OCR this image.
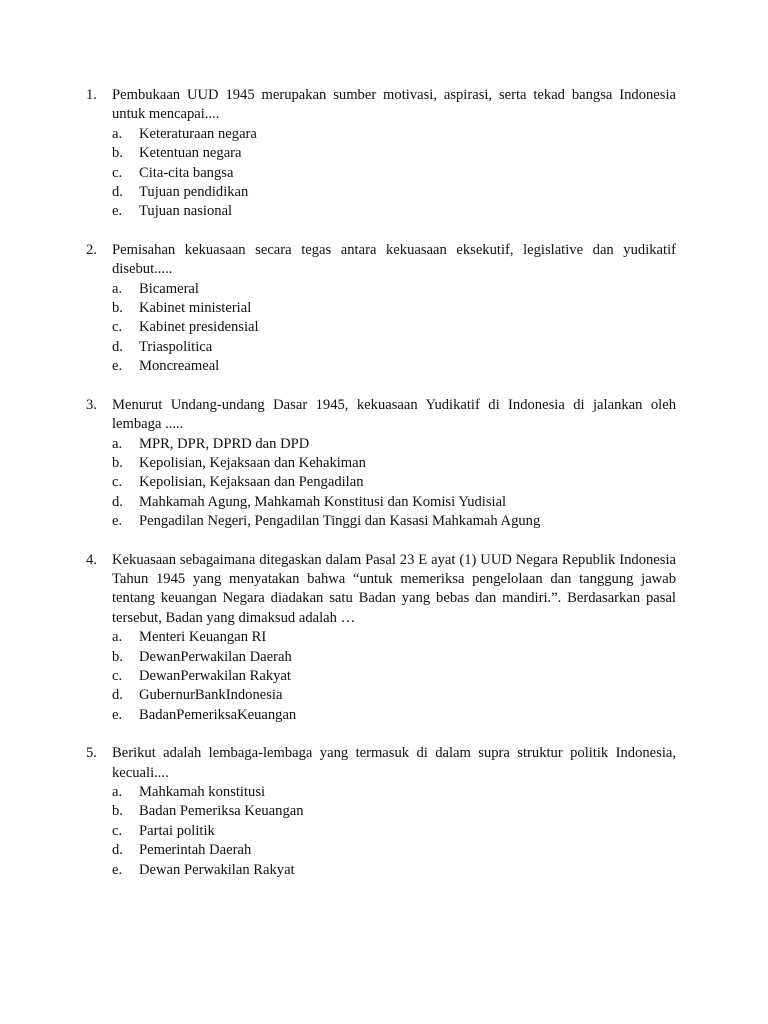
1. Pembukaan UUD 1945 merupakan sumber motivasi, aspirasi, serta tekad bangsa Indonesia untuk mencapai....
a. Keteraturaan negara
b. Ketentuan negara
c. Cita-cita bangsa
d. Tujuan pendidikan
e. Tujuan nasional
2. Pemisahan kekuasaan secara tegas antara kekuasaan eksekutif, legislative dan yudikatif disebut.....
a. Bicameral
b. Kabinet ministerial
c. Kabinet presidensial
d. Triaspolitica
e. Moncreameal
3. Menurut Undang-undang Dasar 1945, kekuasaan Yudikatif di Indonesia di jalankan oleh lembaga .....
a. MPR, DPR, DPRD dan DPD
b. Kepolisian, Kejaksaan dan Kehakiman
c. Kepolisian, Kejaksaan dan Pengadilan
d. Mahkamah Agung, Mahkamah Konstitusi dan Komisi Yudisial
e. Pengadilan Negeri, Pengadilan Tinggi dan Kasasi Mahkamah Agung
4. Kekuasaan sebagaimana ditegaskan dalam Pasal 23 E ayat (1) UUD Negara Republik Indonesia Tahun 1945 yang menyatakan bahwa “untuk memeriksa pengelolaan dan tanggung jawab tentang keuangan Negara diadakan satu Badan yang bebas dan mandiri.”. Berdasarkan pasal tersebut, Badan yang dimaksud adalah …
a. Menteri Keuangan RI
b. DewanPerwakilan Daerah
c. DewanPerwakilan Rakyat
d. GubernurBankIndonesia
e. BadanPemeriksaKeuangan
5. Berikut adalah lembaga-lembaga yang termasuk di dalam supra struktur politik Indonesia, kecuali....
a. Mahkamah konstitusi
b. Badan Pemeriksa Keuangan
c. Partai politik
d. Pemerintah Daerah
e. Dewan Perwakilan Rakyat
